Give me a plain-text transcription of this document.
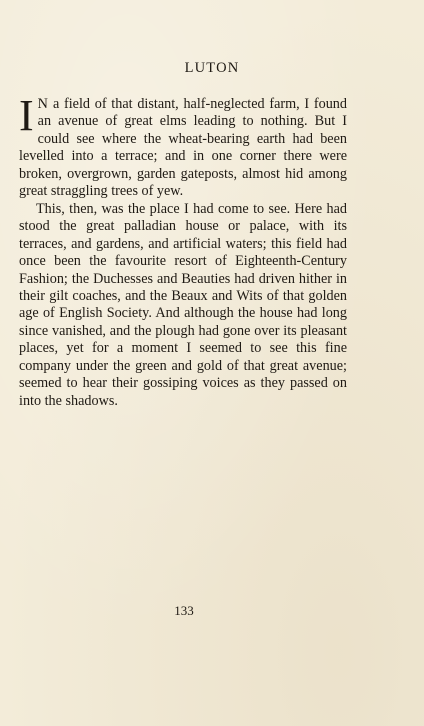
LUTON

I N a field of that distant, half-neglected farm, I found an avenue of great elms leading to nothing. But I could see where the wheat-bearing earth had been levelled into a terrace; and in one corner there were broken, overgrown, garden gateposts, almost hid among great straggling trees of yew.

This, then, was the place I had come to see. Here had stood the great palladian house or palace, with its terraces, and gardens, and artificial waters; this field had once been the favourite resort of Eighteenth-Century Fashion; the Duchesses and Beauties had driven hither in their gilt coaches, and the Beaux and Wits of that golden age of English Society. And although the house had long since vanished, and the plough had gone over its pleasant places, yet for a moment I seemed to see this fine company under the green and gold of that great avenue; seemed to hear their gossiping voices as they passed on into the shadows.

133
